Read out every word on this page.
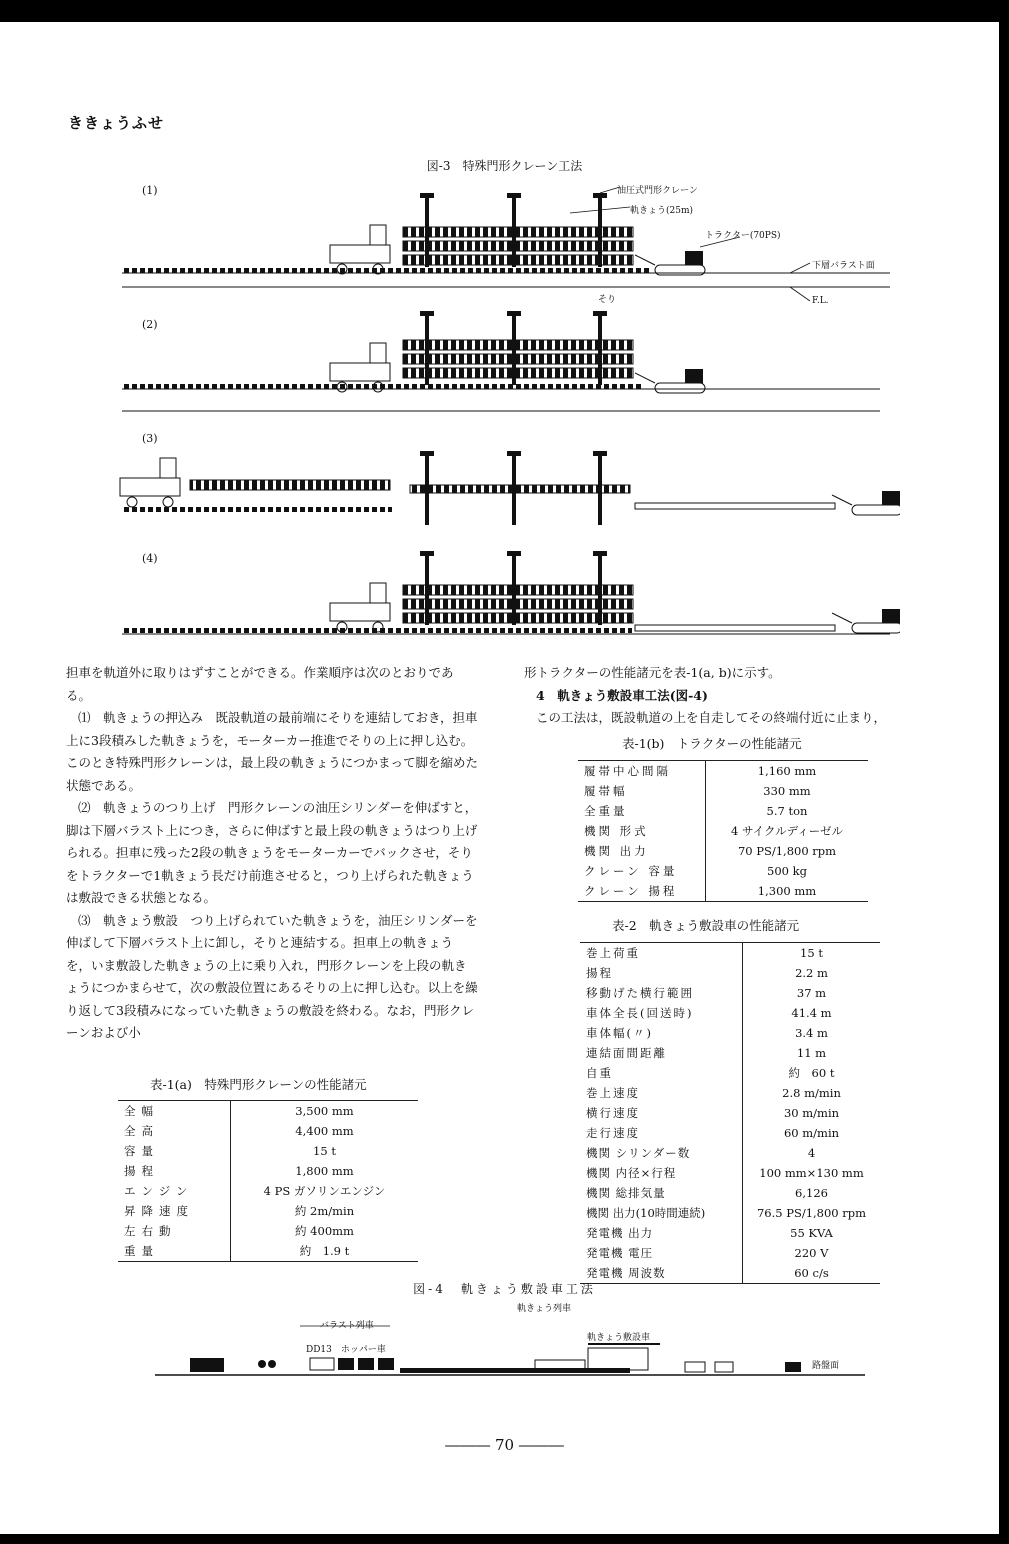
ききょうふせ
図-3　特殊門形クレーン工法
(1)
(2)
(3)
(4)
油圧式門形クレーン
軌きょう(25m)
トラクター(70PS)
下層バラスト面
そり	F.L.

担車を軌道外に取りはずすことができる。作業順序は次のとおりである。

⑴　軌きょうの押込み　既設軌道の最前端にそりを連結しておき，担車上に3段積みした軌きょうを，モーターカー推進でそりの上に押し込む。このとき特殊門形クレーンは，最上段の軌きょうにつかまって脚を縮めた状態である。

⑵　軌きょうのつり上げ　門形クレーンの油圧シリンダーを伸ばすと，脚は下層バラスト上につき，さらに伸ばすと最上段の軌きょうはつり上げられる。担車に残った2段の軌きょうをモーターカーでバックさせ，そりをトラクターで1軌きょう長だけ前進させると，つり上げられた軌きょうは敷設できる状態となる。

⑶　軌きょう敷設　つり上げられていた軌きょうを，油圧シリンダーを伸ばして下層バラスト上に卸し，そりと連結する。担車上の軌きょうを，いま敷設した軌きょうの上に乗り入れ，門形クレーンを上段の軌きょうにつかまらせて，次の敷設位置にあるそりの上に押し込む。以上を繰り返して3段積みになっていた軌きょうの敷設を終わる。なお，門形クレーンおよび小

形トラクターの性能諸元を表-1(a, b)に示す。

4　軌きょう敷設車工法(図-4)

この工法は，既設軌道の上を自走してその終端付近に止まり，

表-1(a)　特殊門形クレーンの性能諸元
全幅	3,500 mm
全高	4,400 mm
容量	15 t
揚程	1,800 mm
エンジン	4 PS ガソリンエンジン
昇降速度	約 2m/min
左右動	約 400mm
重量	約　1.9 t
表-1(b)　トラクターの性能諸元
履帯中心間隔	1,160 mm
履帯幅	330 mm
全重量	5.7 ton
機関 形式	4 サイクルディーゼル
機関 出力	70 PS/1,800 rpm
クレーン 容量	500 kg
クレーン 揚程	1,300 mm
表-2　軌きょう敷設車の性能諸元
巻上荷重	15 t
揚程	2.2 m
移動げた横行範囲	37 m
車体全長(回送時)	41.4 m
車体幅(〃)	3.4 m
連結面間距離	11 m
自重	約　60 t
巻上速度	2.8 m/min
横行速度	30 m/min
走行速度	60 m/min
機関 シリンダー数	4
機関 内径×行程	100 mm×130 mm
機関 総排気量	6,126
機関 出力(10時間連続)	76.5 PS/1,800 rpm
発電機 出力	55 KVA
発電機 電圧	220 V
発電機 周波数	60 c/s
図-4　軌きょう敷設車工法
バラスト列車
DD13　ホッパー車
軌きょう列車
軌きょう敷設車
路盤面
――― 70 ―――
